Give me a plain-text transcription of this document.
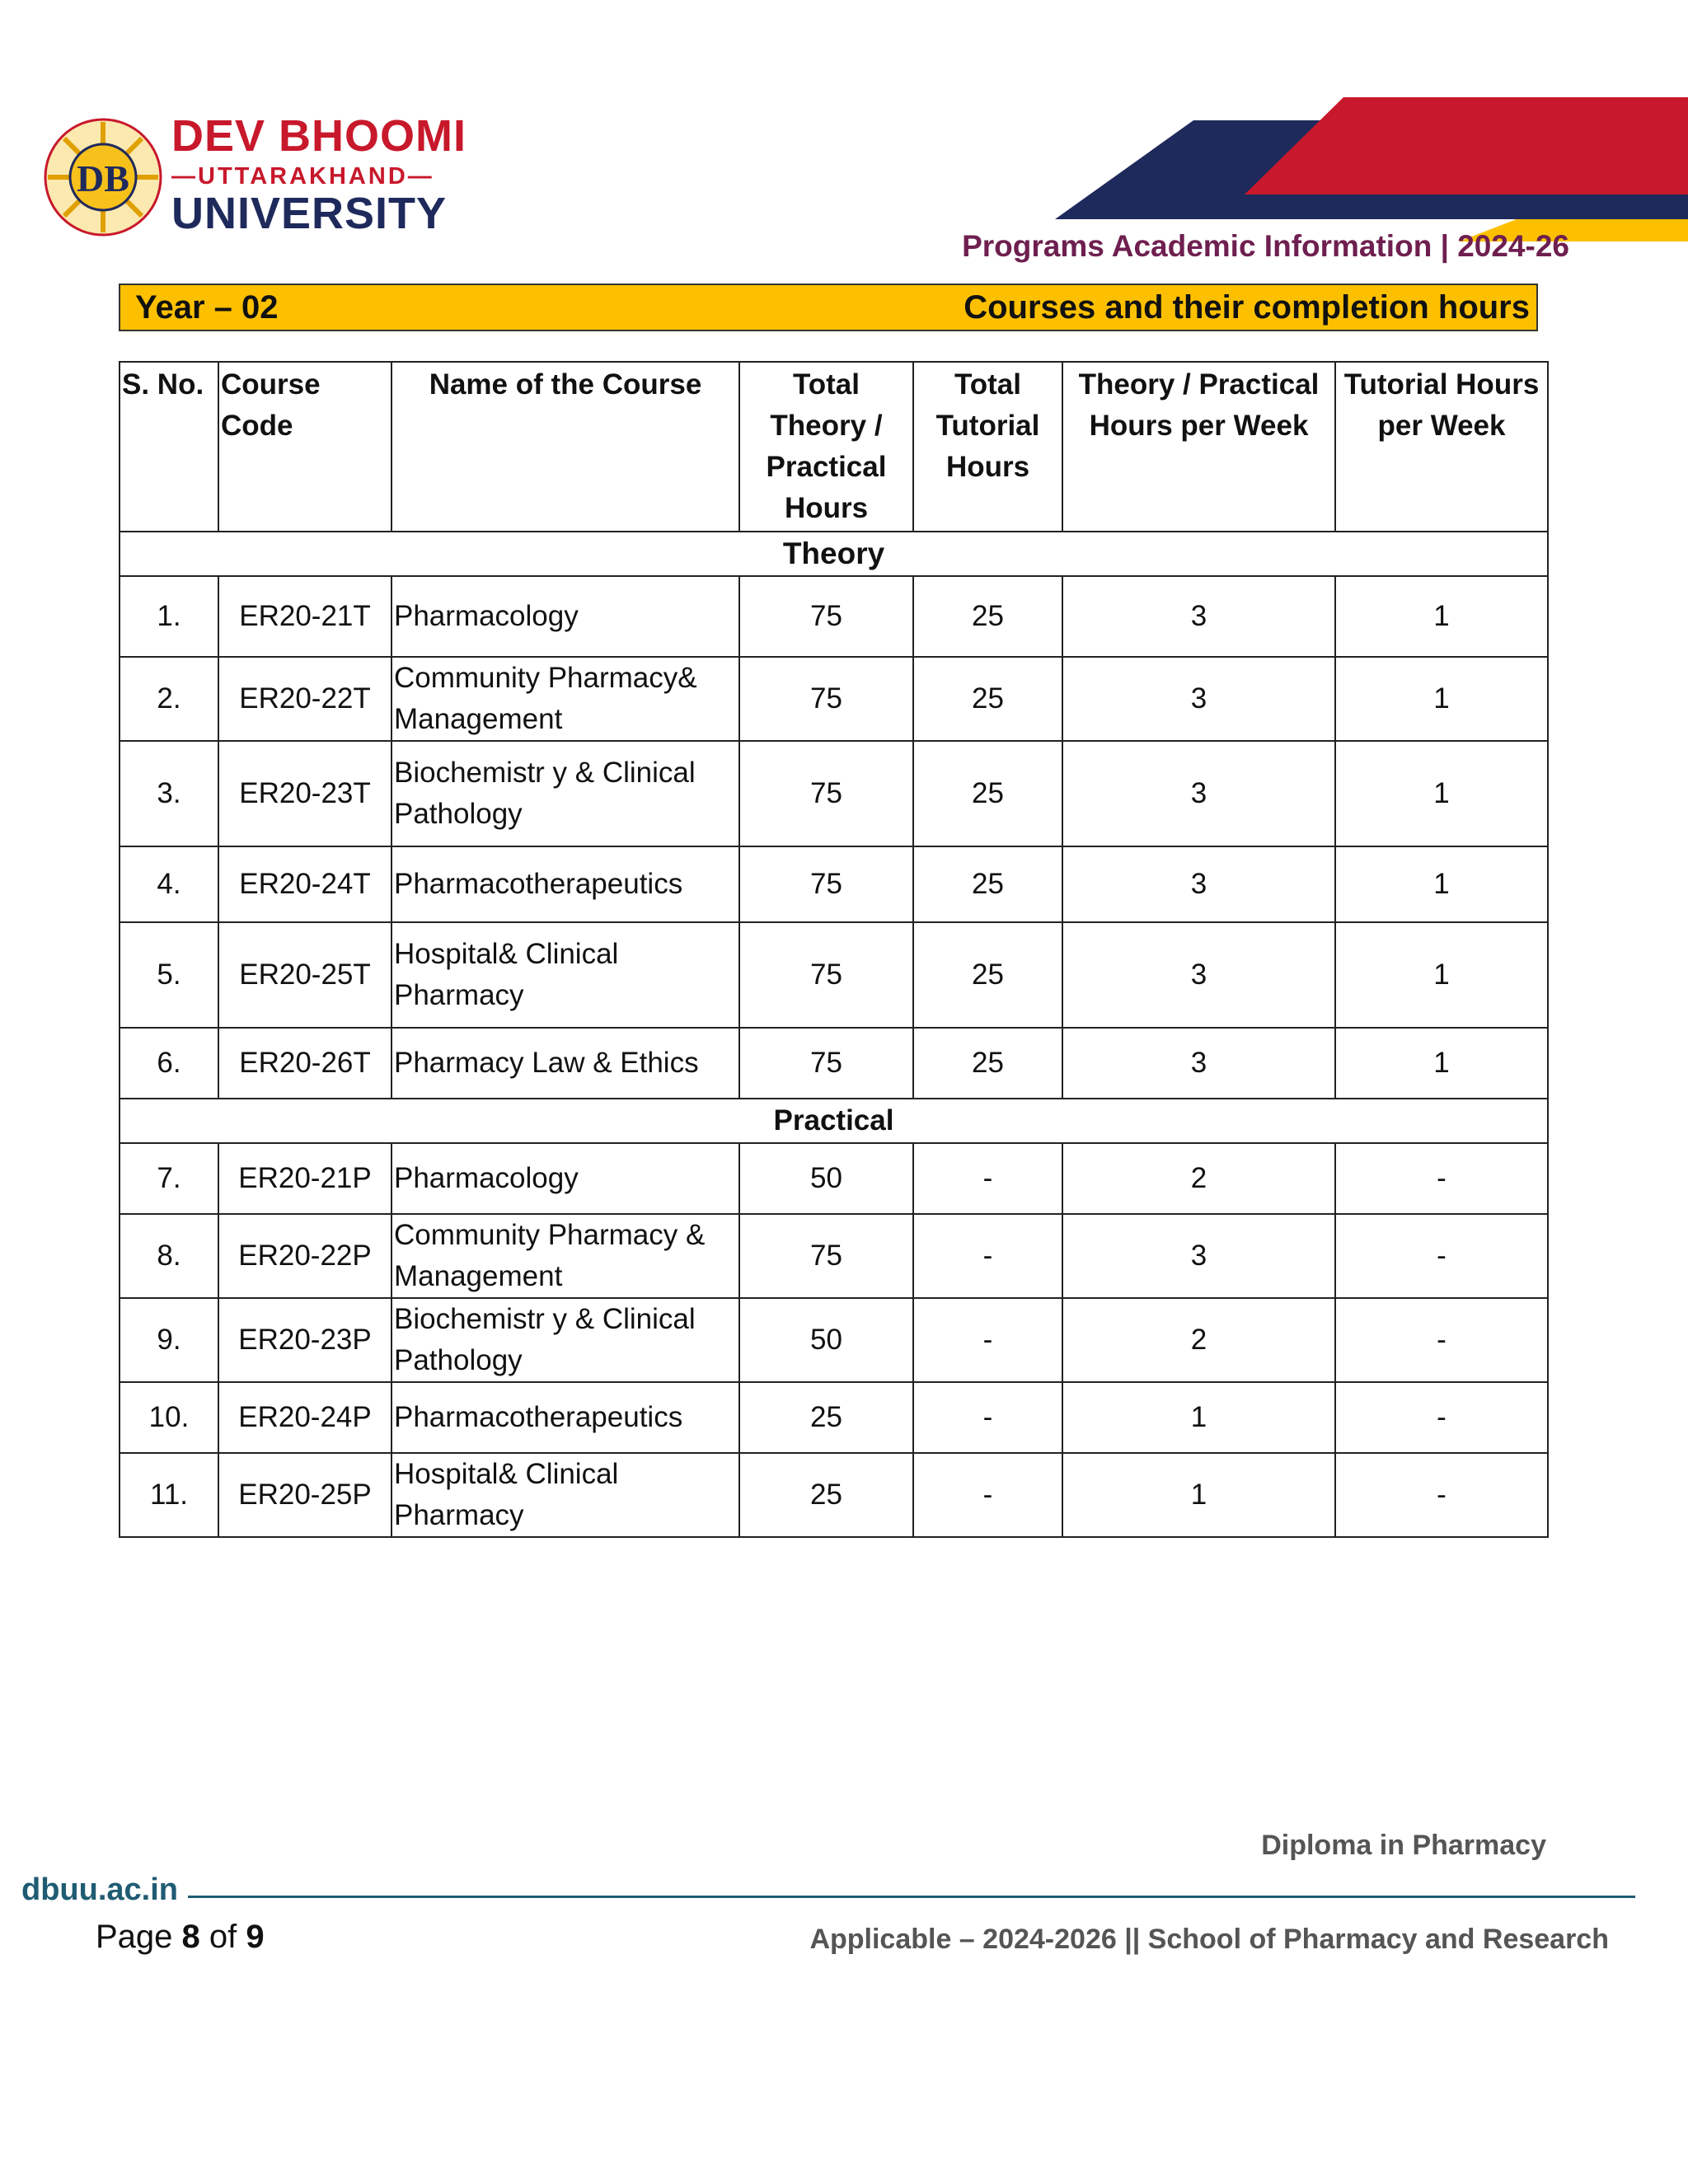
DB
DEV BHOOMI
—UTTARAKHAND—
UNIVERSITY
Programs Academic Information | 2024-26
Year – 02	Courses and their completion hours
S. No.	Course Code	Name of the Course	Total Theory / Practical Hours	Total Tutorial Hours	Theory / Practical Hours per Week	Tutorial Hours per Week
Theory						
1.	ER20-21T	Pharmacology	75	25	3	1
2.	ER20-22T	Community Pharmacy& Management	75	25	3	1
3.	ER20-23T	Biochemistr y & Clinical Pathology	75	25	3	1
4.	ER20-24T	Pharmacotherapeutics	75	25	3	1
5.	ER20-25T	Hospital& Clinical Pharmacy	75	25	3	1
6.	ER20-26T	Pharmacy Law & Ethics	75	25	3	1
Practical						
7.	ER20-21P	Pharmacology	50	-	2	-
8.	ER20-22P	Community Pharmacy & Management	75	-	3	-
9.	ER20-23P	Biochemistr y & Clinical Pathology	50	-	2	-
10.	ER20-24P	Pharmacotherapeutics	25	-	1	-
11.	ER20-25P	Hospital& Clinical Pharmacy	25	-	1	-
Diploma in Pharmacy
dbuu.ac.in
Page 8 of 9	Applicable – 2024-2026 || School of Pharmacy and Research
